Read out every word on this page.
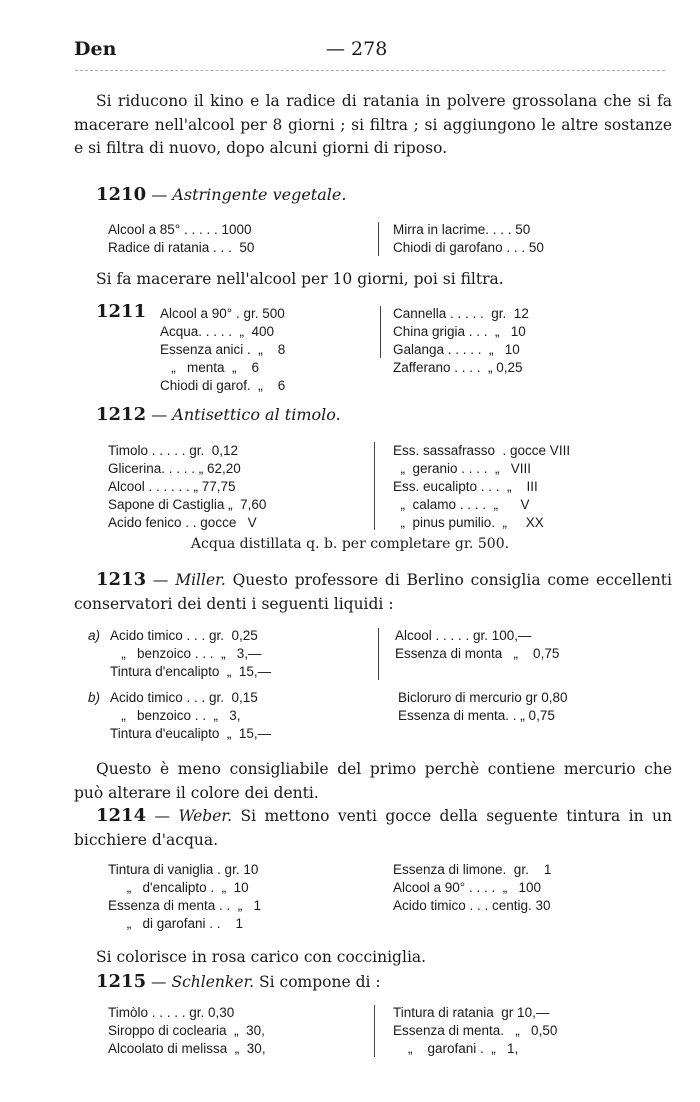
Den	— 278
Si riducono il kino e la radice di ratania in polvere grossolana che si fa macerare nell'alcool per 8 giorni ; si filtra ; si aggiungono le altre sostanze e si filtra di nuovo, dopo alcuni giorni di riposo.
1210 — Astringente vegetale.
Alcool a 85° . . . . . 1000
Radice di ratania . . .  50
Mirra in lacrime. . . . 50
Chiodi di garofano . . . 50
Si fa macerare nell'alcool per 10 giorni, poi si filtra.
1211 Alcool a 90° . gr. 500
Acqua. . . . .  „  400
Essenza anici .  „    8
„   menta  „    6
Chiodi di garof.  „    6
Cannella . . . . .  gr.  12
China grigia . . .  „   10
Galanga . . . . .  „   10
Zafferano . . . .  „ 0,25
1212 — Antisettico al timolo.
Timolo . . . . . gr.  0,12
Glicerina. . . . . „ 62,20
Alcool . . . . . . „ 77,75
Sapone di Castiglia „  7,60
Acido fenico . . gocce   V
Ess. sassafrasso  . gocce VIII
„  geranio . . . .  „   VIII
Ess. eucalipto . . .  „    III
„  calamo . . . .  „      V
„  pinus pumilio.  „     XX
Acqua distillata q. b. per completare gr. 500.
1213 — Miller. Questo professore di Berlino consiglia come eccellenti conservatori dei denti i seguenti liquidi :
a) Acido timico . . . gr.  0,25
„   benzoico . . .  „   3,—
Tintura d'encalipto  „  15,—
Alcool . . . . . gr. 100,—
Essenza di monta   „    0,75
b) Acido timico . . . gr.  0,15
„   benzoico . .  „   3,
Tintura d'eucalipto  „  15,—
Bicloruro di mercurio gr 0,80
Essenza di menta. . „ 0,75
Questo è meno consigliabile del primo perchè contiene mercurio che può alterare il colore dei denti.
1214 — Weber. Si mettono venti gocce della seguente tintura in un bicchiere d'acqua.
Tintura di vaniglia . gr. 10
„   d'encalipto .  „  10
Essenza di menta . .  „   1
„   di garofani . .    1
Essenza di limone.  gr.    1
Alcool a 90° . . . .  „   100
Acido timico . . . centig. 30
Si colorisce in rosa carico con cocciniglia.
1215 — Schlenker. Si compone di :
Timòlo . . . . . gr. 0,30
Siroppo di coclearia  „  30,
Alcoolato di melissa  „  30,
Tintura di ratania  gr 10,—
Essenza di menta.   „   0,50
„    garofani .  „   1,
